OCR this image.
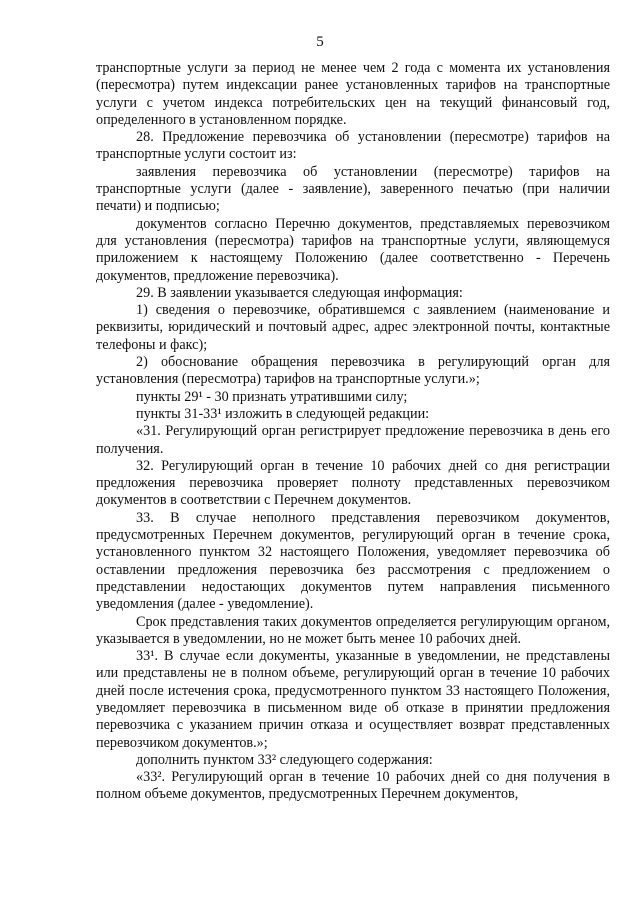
5

транспортные услуги за период не менее чем 2 года с момента их установления (пересмотра) путем индексации ранее установленных тарифов на транспортные услуги с учетом индекса потребительских цен на текущий финансовый год, определенного в установленном порядке.

28. Предложение перевозчика об установлении (пересмотре) тарифов на транспортные услуги состоит из:

заявления перевозчика об установлении (пересмотре) тарифов на транспортные услуги (далее - заявление), заверенного печатью (при наличии печати) и подписью;

документов согласно Перечню документов, представляемых перевозчиком для установления (пересмотра) тарифов на транспортные услуги, являющемуся приложением к настоящему Положению (далее соответственно - Перечень документов, предложение перевозчика).

29. В заявлении указывается следующая информация:

1) сведения о перевозчике, обратившемся с заявлением (наименование и реквизиты, юридический и почтовый адрес, адрес электронной почты, контактные телефоны и факс);

2) обоснование обращения перевозчика в регулирующий орган для установления (пересмотра) тарифов на транспортные услуги.»;

пункты 29¹ - 30 признать утратившими силу;

пункты 31-33¹ изложить в следующей редакции:

«31. Регулирующий орган регистрирует предложение перевозчика в день его получения.

32. Регулирующий орган в течение 10 рабочих дней со дня регистрации предложения перевозчика проверяет полноту представленных перевозчиком документов в соответствии с Перечнем документов.

33. В случае неполного представления перевозчиком документов, предусмотренных Перечнем документов, регулирующий орган в течение срока, установленного пунктом 32 настоящего Положения, уведомляет перевозчика об оставлении предложения перевозчика без рассмотрения с предложением о представлении недостающих документов путем направления письменного уведомления (далее - уведомление).

Срок представления таких документов определяется регулирующим органом, указывается в уведомлении, но не может быть менее 10 рабочих дней.

33¹. В случае если документы, указанные в уведомлении, не представлены или представлены не в полном объеме, регулирующий орган в течение 10 рабочих дней после истечения срока, предусмотренного пунктом 33 настоящего Положения, уведомляет перевозчика в письменном виде об отказе в принятии предложения перевозчика с указанием причин отказа и осуществляет возврат представленных перевозчиком документов.»;

дополнить пунктом 33² следующего содержания:

«33². Регулирующий орган в течение 10 рабочих дней со дня получения в полном объеме документов, предусмотренных Перечнем документов,
